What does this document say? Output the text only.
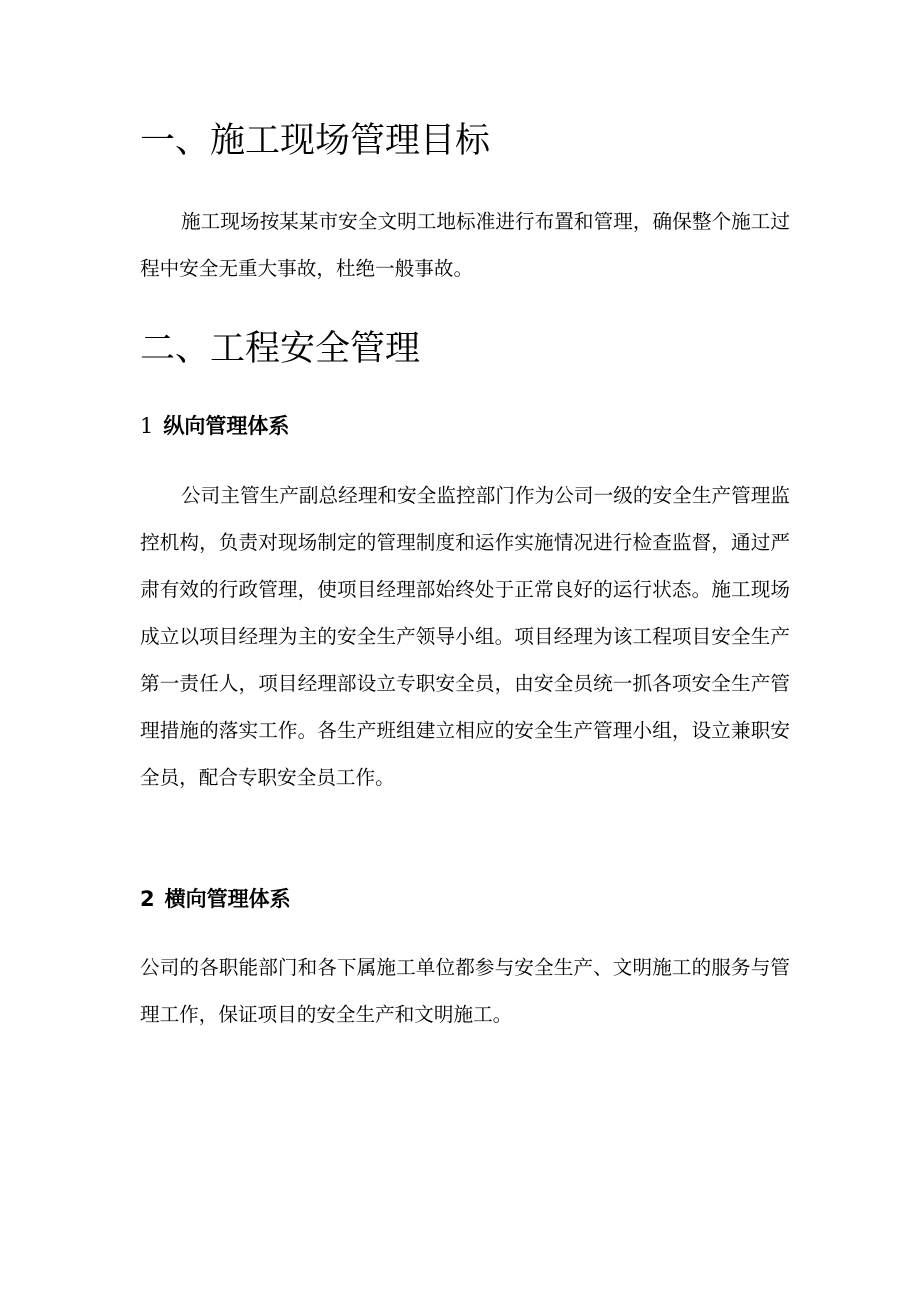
一、施工现场管理目标

施工现场按某某市安全文明工地标准进行布置和管理，确保整个施工过程中安全无重大事故，杜绝一般事故。

二、工程安全管理
1 纵向管理体系

公司主管生产副总经理和安全监控部门作为公司一级的安全生产管理监控机构，负责对现场制定的管理制度和运作实施情况进行检查监督，通过严肃有效的行政管理，使项目经理部始终处于正常良好的运行状态。施工现场成立以项目经理为主的安全生产领导小组。项目经理为该工程项目安全生产第一责任人，项目经理部设立专职安全员，由安全员统一抓各项安全生产管理措施的落实工作。各生产班组建立相应的安全生产管理小组，设立兼职安全员，配合专职安全员工作。

2 横向管理体系

公司的各职能部门和各下属施工单位都参与安全生产、文明施工的服务与管理工作，保证项目的安全生产和文明施工。
